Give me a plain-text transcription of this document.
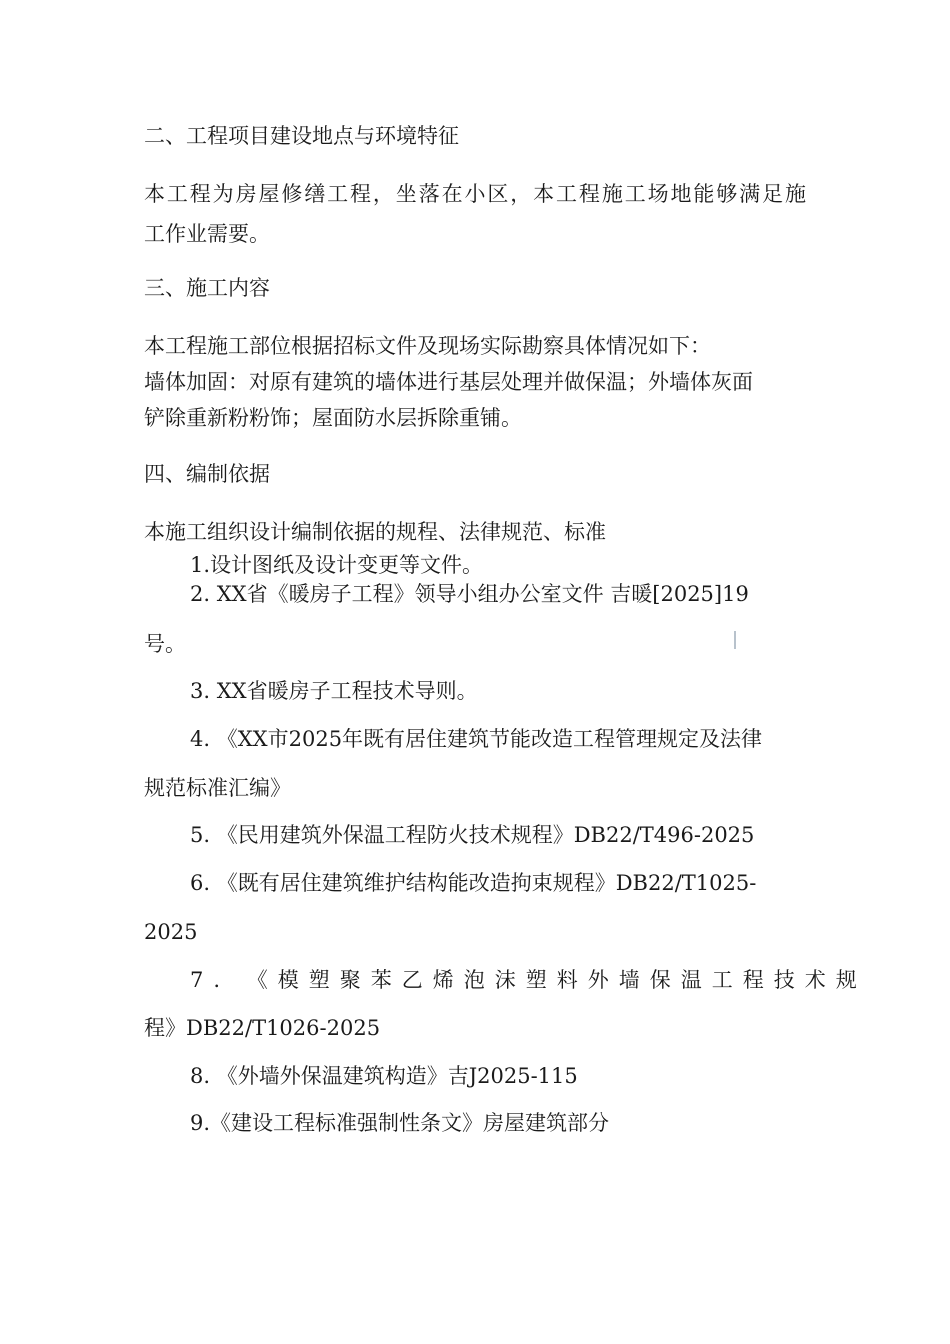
二、工程项目建设地点与环境特征
本 工 程 为 房 屋 修 缮 工 程 ， 坐 落 在 小 区 ， 本 工 程 施 工 场 地 能 够 满 足 施
工作业需要。
三、施工内容
本工程施工部位根据招标文件及现场实际勘察具体情况如下：
墙体加固：对原有建筑的墙体进行基层处理并做保温；外墙体灰面
铲除重新粉粉饰；屋面防水层拆除重铺。
四、编制依据
本施工组织设计编制依据的规程、法律规范、标准
1.设计图纸及设计变更等文件。
2. XX省《暖房子工程》领导小组办公室文件 吉暖[2025]19
号。
3. XX省暖房子工程技术导则。
4. 《XX市2025年既有居住建筑节能改造工程管理规定及法律
规范标准汇编》
5. 《民用建筑外保温工程防火技术规程》DB22/T496-2025
6. 《既有居住建筑维护结构能改造拘束规程》DB22/T1025-
2025
7. 《模塑聚苯乙烯泡沫塑料外墙保温工程技术规
程》DB22/T1026-2025
8. 《外墙外保温建筑构造》吉J2025-115
9.《建设工程标准强制性条文》房屋建筑部分
